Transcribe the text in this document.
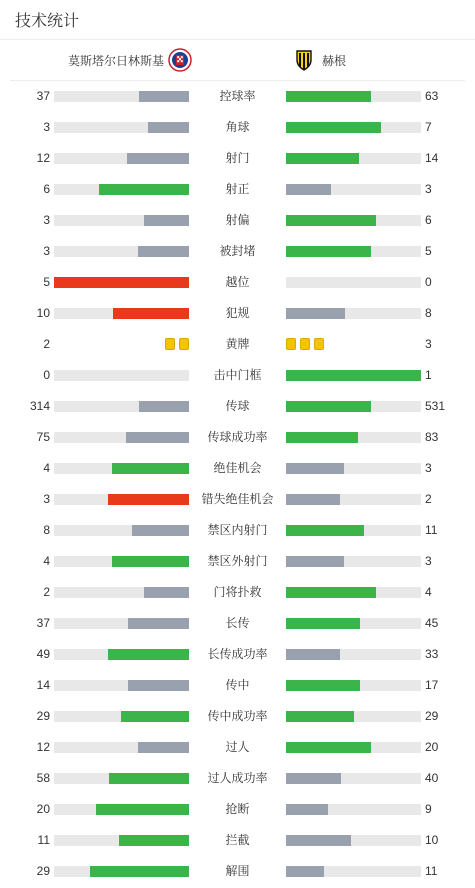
技术统计
莫斯塔尔日林斯基	赫根
37	控球率	63
3	角球	7
12	射门	14
6	射正	3
3	射偏	6
3	被封堵	5
5	越位	0
10	犯规	8
2	黄牌	3
0	击中门框	1
314	传球	531
75	传球成功率	83
4	绝佳机会	3
3	错失绝佳机会	2
8	禁区内射门	11
4	禁区外射门	3
2	门将扑救	4
37	长传	45
49	长传成功率	33
14	传中	17
29	传中成功率	29
12	过人	20
58	过人成功率	40
20	抢断	9
11	拦截	10
29	解围	11
